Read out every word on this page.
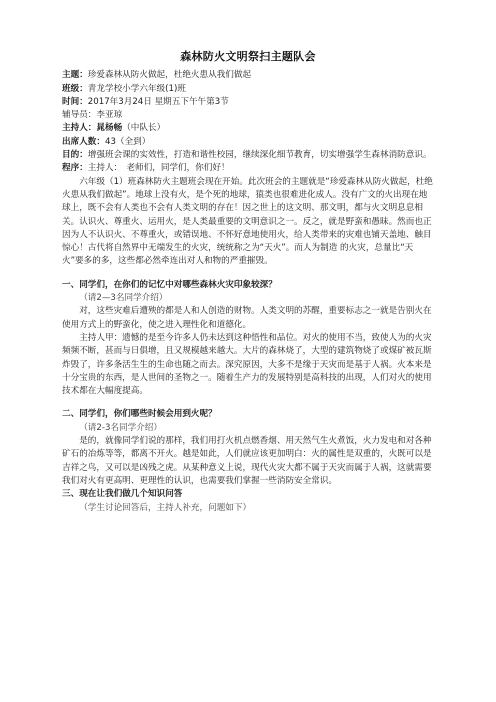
森林防火文明祭扫主题队会

主题：珍爱森林从防火做起，杜绝火患从我们做起

班级：青龙学校小学六年级(1)班

时间：2017年3月24日 星期五下午午第3节

辅导员：李亚琼

主持人：晁杨畅（中队长）

出席人数：43（全到）

目的：增强班会课的实效性，打造和谐性校园，继续深化细节教育，切实增强学生森林消防意识。

程序：主持人：　老师们，同学们，你们好！

六年级（1）班森林防火主题班会现在开始。此次班会的主题就是“珍爱森林从防火做起，杜绝火患从我们做起”。地球上没有火，是个死的地球，猿类也很难进化成人。没有广文的火出现在地球上，既不会有人类也不会有人类文明的存在！因之世上的这文明、那文明，都与火文明息息相关。认识火、尊重火、运用火，是人类最重要的文明意识之一。反之，就是野蛮和愚昧。然而也正因为人不认识火、不尊重火，或错误地、不怀好意地使用火，给人类带来的灾难也铺天盖地、触目惊心！古代将自然界中无端发生的火灾，统统称之为“天火”。而人为制造 的火灾，总量比“天火”要多的多，这些都必然牵连出对人和物的严重摧毁。

一、同学们，在你们的记忆中对哪些森林火灾印象较深？

（请2—3名同学介绍）

对，这些灾难后遭殃的都是人和人创造的财物。人类文明的苏醒，重要标志之一就是告别火在使用方式上的野蛮化，使之进入理性化和道德化。

主持人甲：遗憾的是至今许多人仍未达到这种悟性和品位。对火的使用不当，致使人为的火灾频频不断，甚而与日俱增，且又规模越来越大。大片的森林烧了，大型的建筑物烧了或煤矿被瓦斯炸毁了，许多条活生生的生命也随之而去。深究原因，大多不是缘于天灾而是基于人祸。火本来是十分宝贵的东西，是人世间的圣物之一。随着生产力的发展特别是高科技的出现，人们对火的使用技术都在大幅度提高。

二、同学们，你们哪些时候会用到火呢？

（请2-3名同学介绍）

是的，就像同学们说的那样，我们用打火机点燃香烟、用天然气生火煮饭，火力发电和对各种矿石的冶炼等等，都离不开火。越是如此，人们就应该更加明白：火的属性是双重的，火既可以是吉祥之鸟，又可以是凶残之虎。从某种意义上说，现代火灾大都不属于天灾而属于人祸，这就需要我们对火有更高明、更理性的认识，也需要我们掌握一些消防安全常识。

三、现在让我们做几个知识问答

（学生讨论回答后，主持人补充，问题如下）
